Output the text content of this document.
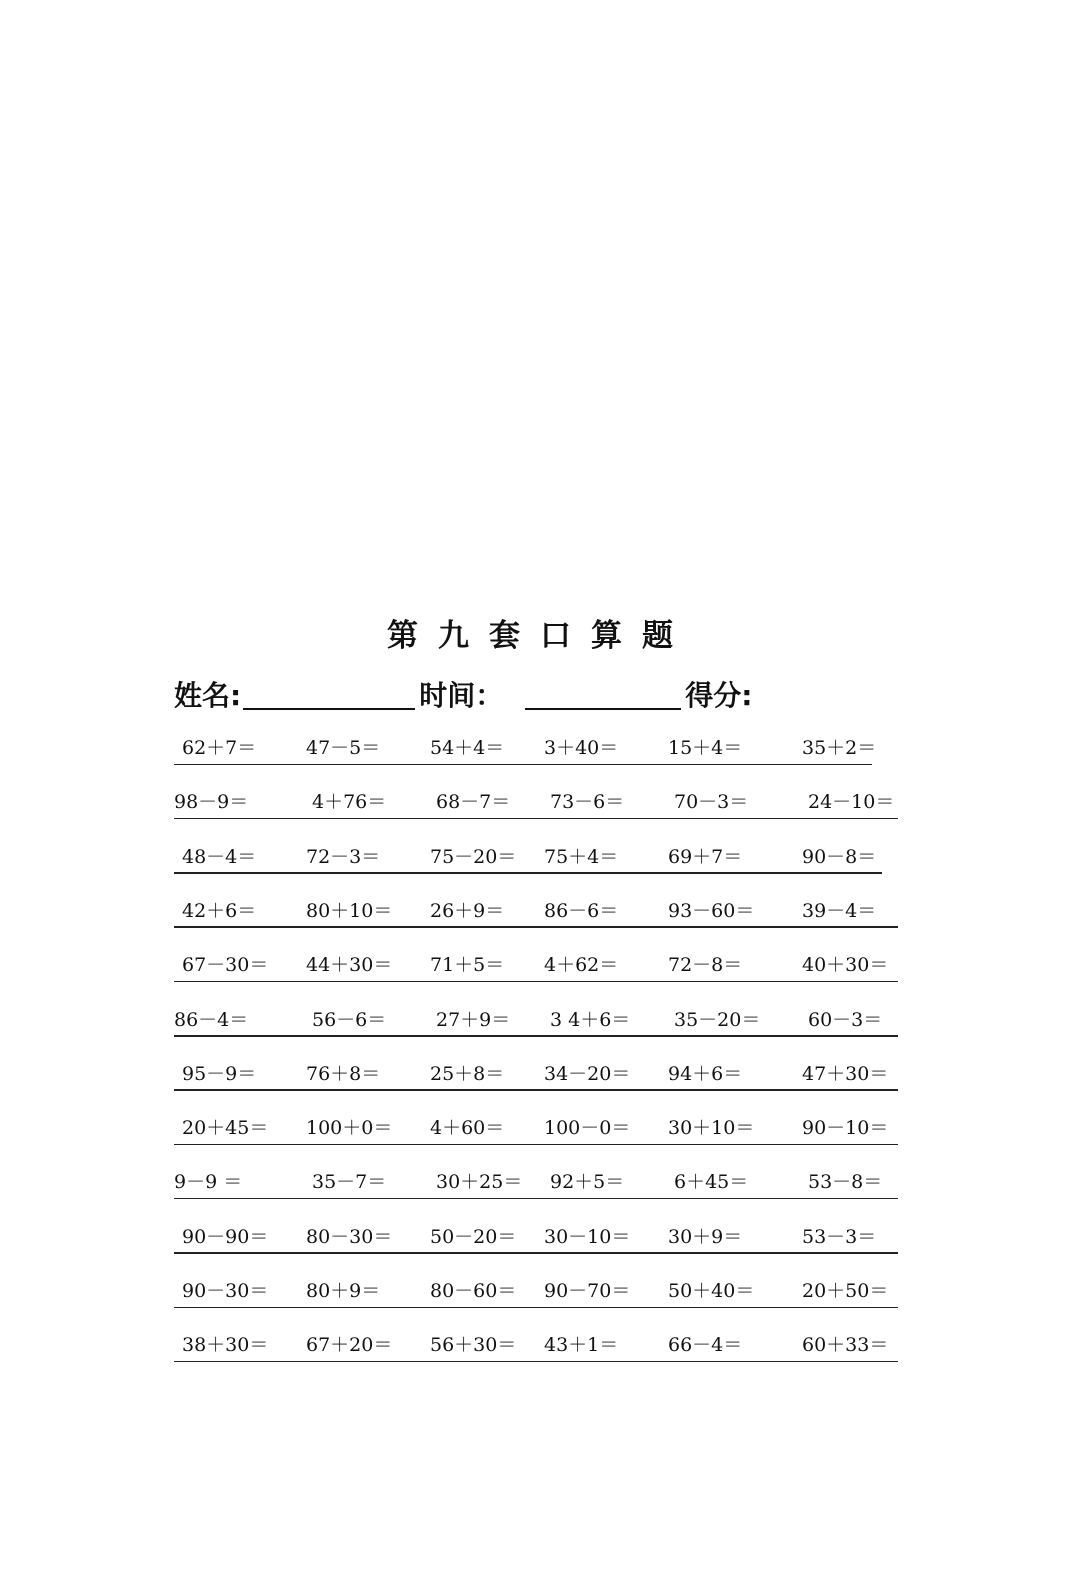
第九套口算题
姓名:	时间：	得分:
62＋7＝	47－5＝	54＋4＝ 3＋40＝	15＋4＝	35＋2＝
98－9＝	4＋76＝	68－7＝ 73－6＝	70－3＝	24－10＝
48－4＝	72－3＝	75－20＝ 75＋4＝	69＋7＝	90－8＝
42＋6＝	80＋10＝ 26＋9＝ 86－6＝	93－60＝	39－4＝
67－30＝ 44＋30＝ 71＋5＝ 4＋62＝	72－8＝	40＋30＝
86－4＝	56－6＝	27＋9＝ 3 4＋6＝ 35－20＝	60－3＝
95－9＝	76＋8＝	25＋8＝ 34－20＝ 94＋6＝	47＋30＝
20＋45＝ 100＋0＝ 4＋60＝ 100－0＝ 30＋10＝	90－10＝
9－9 ＝	35－7＝	30＋25＝ 92＋5＝	6＋45＝	53－8＝
90－90＝ 80－30＝ 50－20＝ 30－10＝ 30＋9＝	53－3＝
90－30＝ 80＋9＝	80－60＝ 90－70＝ 50＋40＝	20＋50＝
38＋30＝ 67＋20＝ 56＋30＝ 43＋1＝	66－4＝	60＋33＝
